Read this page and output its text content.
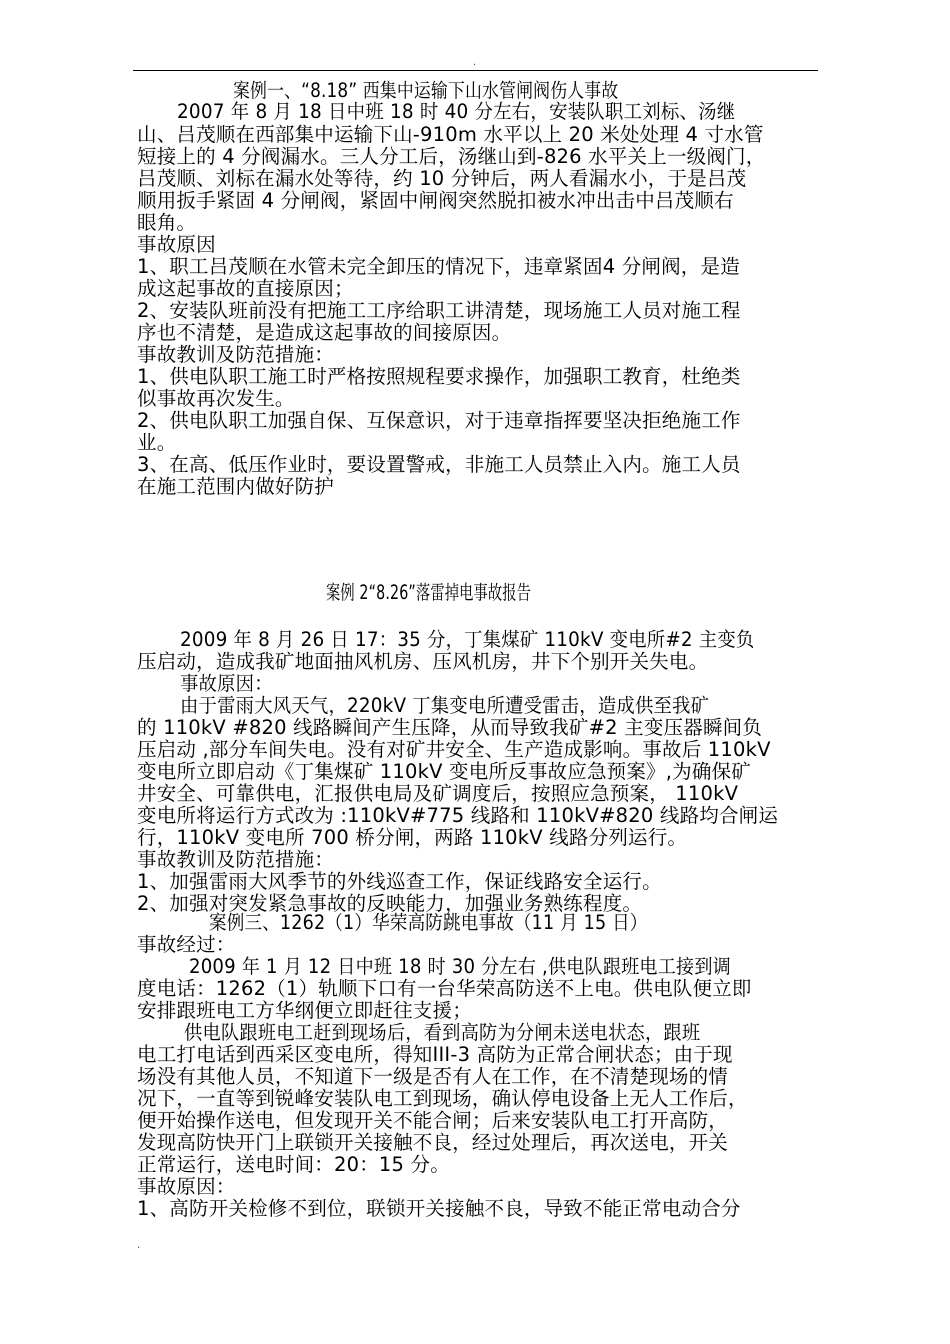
.
案例一、“8.18” 西集中运输下山水管闸阀伤人事故
2007 年 8 月 18 日中班 18 时 40 分左右，安装队职工刘标、汤继
山、吕茂顺在西部集中运输下山-910m 水平以上 20 米处处理 4 寸水管
短接上的 4 分阀漏水。三人分工后，汤继山到-826 水平关上一级阀门，
吕茂顺、刘标在漏水处等待，约 10 分钟后，两人看漏水小，于是吕茂
顺用扳手紧固 4 分闸阀，紧固中闸阀突然脱扣被水冲出击中吕茂顺右
眼角。
事故原因
1、职工吕茂顺在水管未完全卸压的情况下，违章紧固4 分闸阀，是造
成这起事故的直接原因；
2、安装队班前没有把施工工序给职工讲清楚，现场施工人员对施工程
序也不清楚，是造成这起事故的间接原因。
事故教训及防范措施：
1、供电队职工施工时严格按照规程要求操作，加强职工教育，杜绝类
似事故再次发生。
2、供电队职工加强自保、互保意识，对于违章指挥要坚决拒绝施工作
业。
3、在高、低压作业时，要设置警戒，非施工人员禁止入内。施工人员
在施工范围内做好防护
案例 2“8.26”落雷掉电事故报告
2009 年 8 月 26 日 17：35 分，丁集煤矿 110kV 变电所#2 主变负
压启动，造成我矿地面抽风机房、压风机房，井下个别开关失电。
事故原因：
由于雷雨大风天气，220kV 丁集变电所遭受雷击，造成供至我矿
的 110kV #820 线路瞬间产生压降，从而导致我矿#2 主变压器瞬间负
压启动 ,部分车间失电。没有对矿井安全、生产造成影响。事故后 110kV
变电所立即启动《丁集煤矿 110kV 变电所反事故应急预案》,为确保矿
井安全、可靠供电，汇报供电局及矿调度后，按照应急预案， 110kV
变电所将运行方式改为 :110kV#775 线路和 110kV#820 线路均合闸运
行，110kV 变电所 700 桥分闸，两路 110kV 线路分列运行。
事故教训及防范措施：
1、加强雷雨大风季节的外线巡查工作，保证线路安全运行。
2、加强对突发紧急事故的反映能力，加强业务熟练程度。
案例三、1262（1）华荣高防跳电事故（11 月 15 日）
事故经过：
2009 年 1 月 12 日中班 18 时 30 分左右 ,供电队跟班电工接到调
度电话：1262（1）轨顺下口有一台华荣高防送不上电。供电队便立即
安排跟班电工方华纲便立即赶往支援；
供电队跟班电工赶到现场后，看到高防为分闸未送电状态，跟班
电工打电话到西采区变电所，得知III-3 高防为正常合闸状态；由于现
场没有其他人员，不知道下一级是否有人在工作，在不清楚现场的情
况下，一直等到锐峰安装队电工到现场，确认停电设备上无人工作后，
便开始操作送电，但发现开关不能合闸；后来安装队电工打开高防，
发现高防快开门上联锁开关接触不良，经过处理后，再次送电，开关
正常运行，送电时间：20：15 分。
事故原因：
1、高防开关检修不到位，联锁开关接触不良，导致不能正常电动合分
.
